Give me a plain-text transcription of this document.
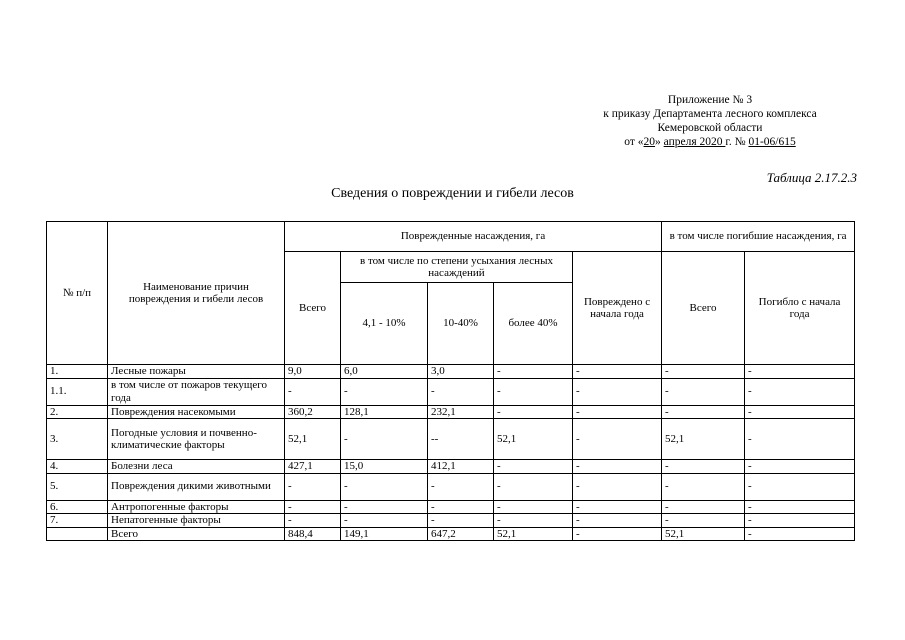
Приложение № 3
к приказу Департамента лесного комплекса
Кемеровской области
от «20» апреля 2020 г. № 01-06/615
Таблица 2.17.2.3
Сведения о повреждении и гибели лесов
№ п/п	Наименование причин повреждения и гибели лесов	Поврежденные насаждения, га					в том числе погибшие насаждения, га	
		Всего	в том числе по степени усыхания лесных насаждений			Повреждено с начала года	Всего	Погибло с начала года
			4,1 - 10%	10-40%	более 40%			
1.	Лесные пожары	9,0	6,0	3,0	-	-	-	-
1.1.	в том числе от пожаров текущего года	-	-	-	-	-	-	-
2.	Повреждения насекомыми	360,2	128,1	232,1	-	-	-	-
3.	Погодные условия и почвенно-климатические факторы	52,1	-	--	52,1	-	52,1	-
4.	Болезни леса	427,1	15,0	412,1	-	-	-	-
5.	Повреждения дикими животными	-	-	-	-	-	-	-
6.	Антропогенные факторы	-	-	-	-	-	-	-
7.	Непатогенные факторы	-	-	-	-	-	-	-
	Всего	848,4	149,1	647,2	52,1	-	52,1	-
